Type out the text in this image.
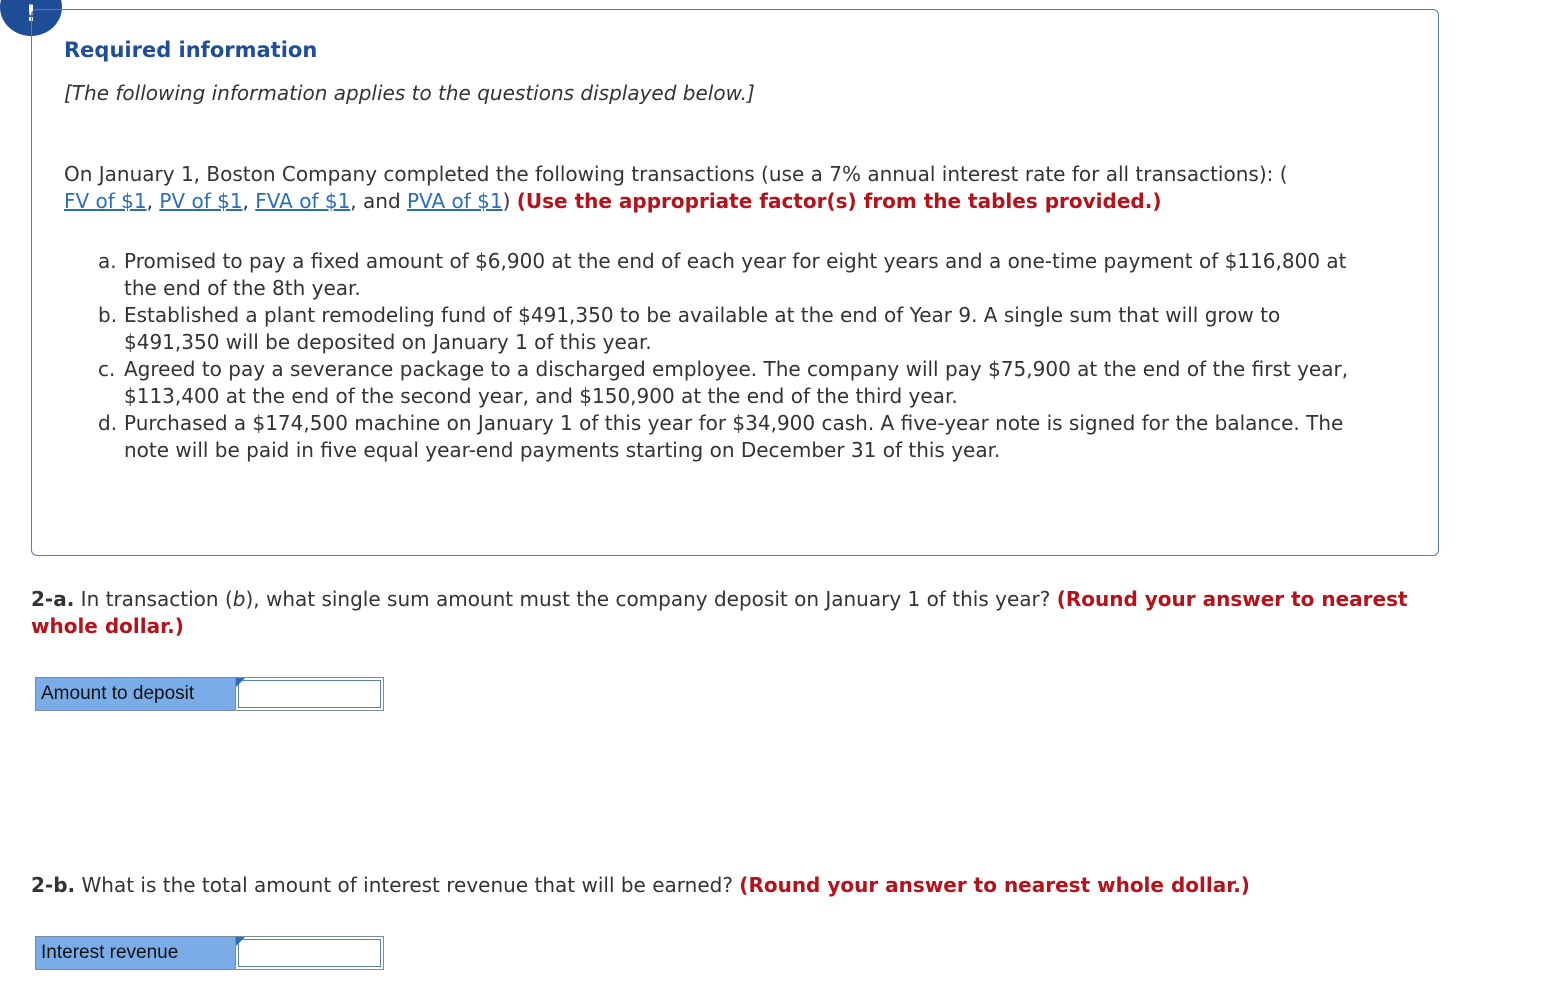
!

Required information

[The following information applies to the questions displayed below.]

On January 1, Boston Company completed the following transactions (use a 7% annual interest rate for all transactions): (
FV of $1, PV of $1, FVA of $1, and PVA of $1) (Use the appropriate factor(s) from the tables provided.)

a. Promised to pay a fixed amount of $6,900 at the end of each year for eight years and a one-time payment of $116,800 at the end of the 8th year.
b. Established a plant remodeling fund of $491,350 to be available at the end of Year 9. A single sum that will grow to $491,350 will be deposited on January 1 of this year.
c. Agreed to pay a severance package to a discharged employee. The company will pay $75,900 at the end of the first year, $113,400 at the end of the second year, and $150,900 at the end of the third year.
d. Purchased a $174,500 machine on January 1 of this year for $34,900 cash. A five-year note is signed for the balance. The note will be paid in five equal year-end payments starting on December 31 of this year.

2-a. In transaction (b), what single sum amount must the company deposit on January 1 of this year? (Round your answer to nearest whole dollar.)

Amount to deposit

2-b. What is the total amount of interest revenue that will be earned? (Round your answer to nearest whole dollar.)

Interest revenue
